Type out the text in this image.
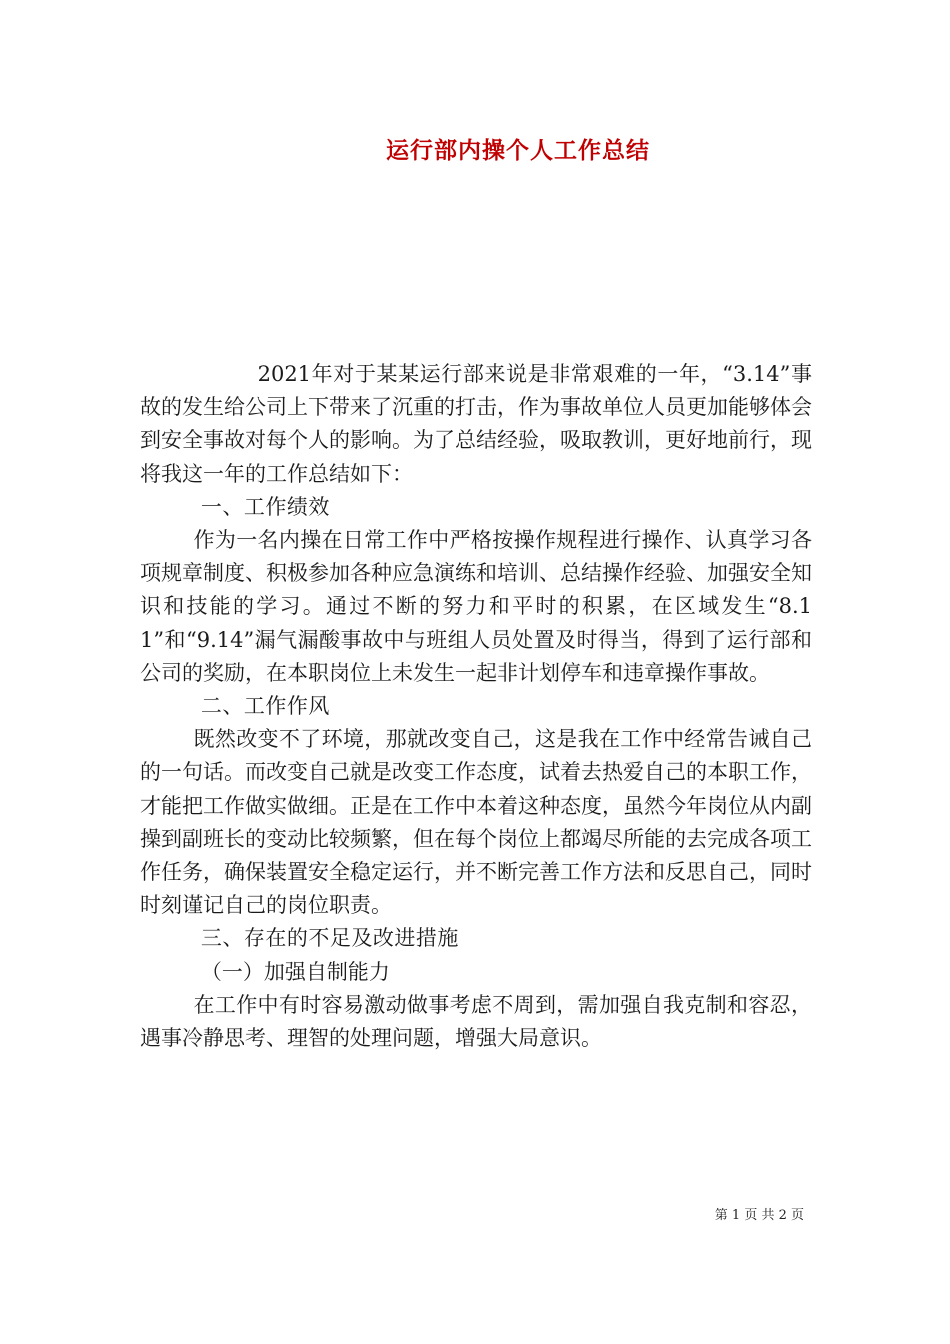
运行部内操个人工作总结

2021年对于某某运行部来说是非常艰难的一年，“3.14”事故的发生给公司上下带来了沉重的打击，作为事故单位人员更加能够体会到安全事故对每个人的影响。为了总结经验，吸取教训，更好地前行，现将我这一年的工作总结如下：

一、工作绩效

作为一名内操在日常工作中严格按操作规程进行操作、认真学习各项规章制度、积极参加各种应急演练和培训、总结操作经验、加强安全知识和技能的学习。通过不断的努力和平时的积累，在区域发生“8.11”和“9.14”漏气漏酸事故中与班组人员处置及时得当，得到了运行部和公司的奖励，在本职岗位上未发生一起非计划停车和违章操作事故。

二、工作作风

既然改变不了环境，那就改变自己，这是我在工作中经常告诫自己的一句话。而改变自己就是改变工作态度，试着去热爱自己的本职工作，才能把工作做实做细。正是在工作中本着这种态度，虽然今年岗位从内副操到副班长的变动比较频繁，但在每个岗位上都竭尽所能的去完成各项工作任务，确保装置安全稳定运行，并不断完善工作方法和反思自己，同时时刻谨记自己的岗位职责。

三、存在的不足及改进措施

（一）加强自制能力

在工作中有时容易激动做事考虑不周到，需加强自我克制和容忍，遇事冷静思考、理智的处理问题，增强大局意识。

第 1 页 共 2 页
